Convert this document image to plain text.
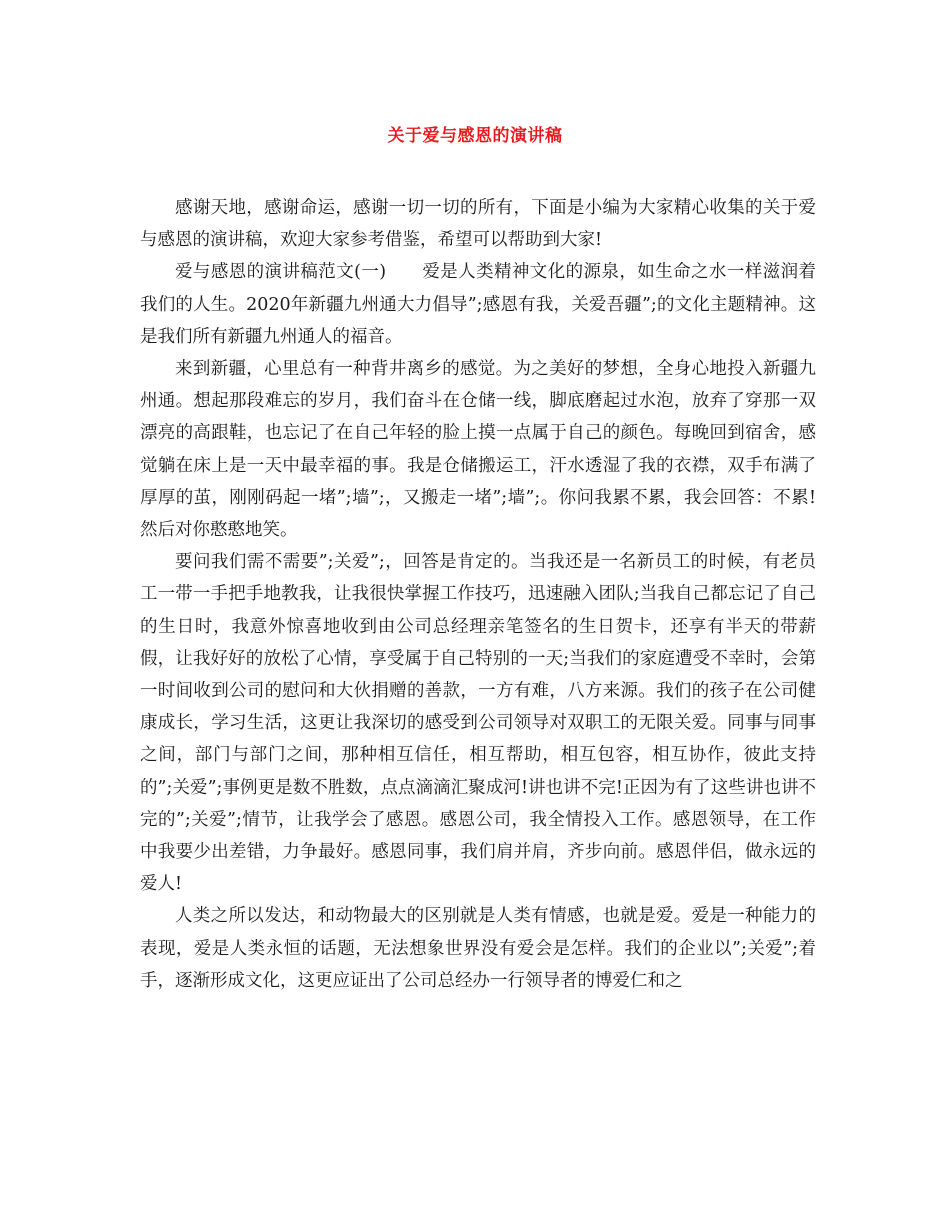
关于爱与感恩的演讲稿

感谢天地，感谢命运，感谢一切一切的所有，下面是小编为大家精心收集的关于爱与感恩的演讲稿，欢迎大家参考借鉴，希望可以帮助到大家!

爱与感恩的演讲稿范文(一)　　爱是人类精神文化的源泉，如生命之水一样滋润着我们的人生。2020年新疆九州通大力倡导”;感恩有我，关爱吾疆”;的文化主题精神。这是我们所有新疆九州通人的福音。

来到新疆，心里总有一种背井离乡的感觉。为之美好的梦想，全身心地投入新疆九州通。想起那段难忘的岁月，我们奋斗在仓储一线，脚底磨起过水泡，放弃了穿那一双漂亮的高跟鞋，也忘记了在自己年轻的脸上摸一点属于自己的颜色。每晚回到宿舍，感觉躺在床上是一天中最幸福的事。我是仓储搬运工，汗水透湿了我的衣襟，双手布满了厚厚的茧，刚刚码起一堵”;墙”;，又搬走一堵”;墙”;。你问我累不累，我会回答：不累!然后对你憨憨地笑。

要问我们需不需要”;关爱”;，回答是肯定的。当我还是一名新员工的时候，有老员工一带一手把手地教我，让我很快掌握工作技巧，迅速融入团队;当我自己都忘记了自己的生日时，我意外惊喜地收到由公司总经理亲笔签名的生日贺卡，还享有半天的带薪假，让我好好的放松了心情，享受属于自己特别的一天;当我们的家庭遭受不幸时，会第一时间收到公司的慰问和大伙捐赠的善款，一方有难，八方来源。我们的孩子在公司健康成长，学习生活，这更让我深切的感受到公司领导对双职工的无限关爱。同事与同事之间，部门与部门之间，那种相互信任，相互帮助，相互包容，相互协作，彼此支持的”;关爱”;事例更是数不胜数，点点滴滴汇聚成河!讲也讲不完!正因为有了这些讲也讲不完的”;关爱”;情节，让我学会了感恩。感恩公司，我全情投入工作。感恩领导，在工作中我要少出差错，力争最好。感恩同事，我们肩并肩，齐步向前。感恩伴侣，做永远的爱人!

人类之所以发达，和动物最大的区别就是人类有情感，也就是爱。爱是一种能力的表现，爱是人类永恒的话题，无法想象世界没有爱会是怎样。我们的企业以”;关爱”;着手，逐渐形成文化，这更应证出了公司总经办一行领导者的博爱仁和之
